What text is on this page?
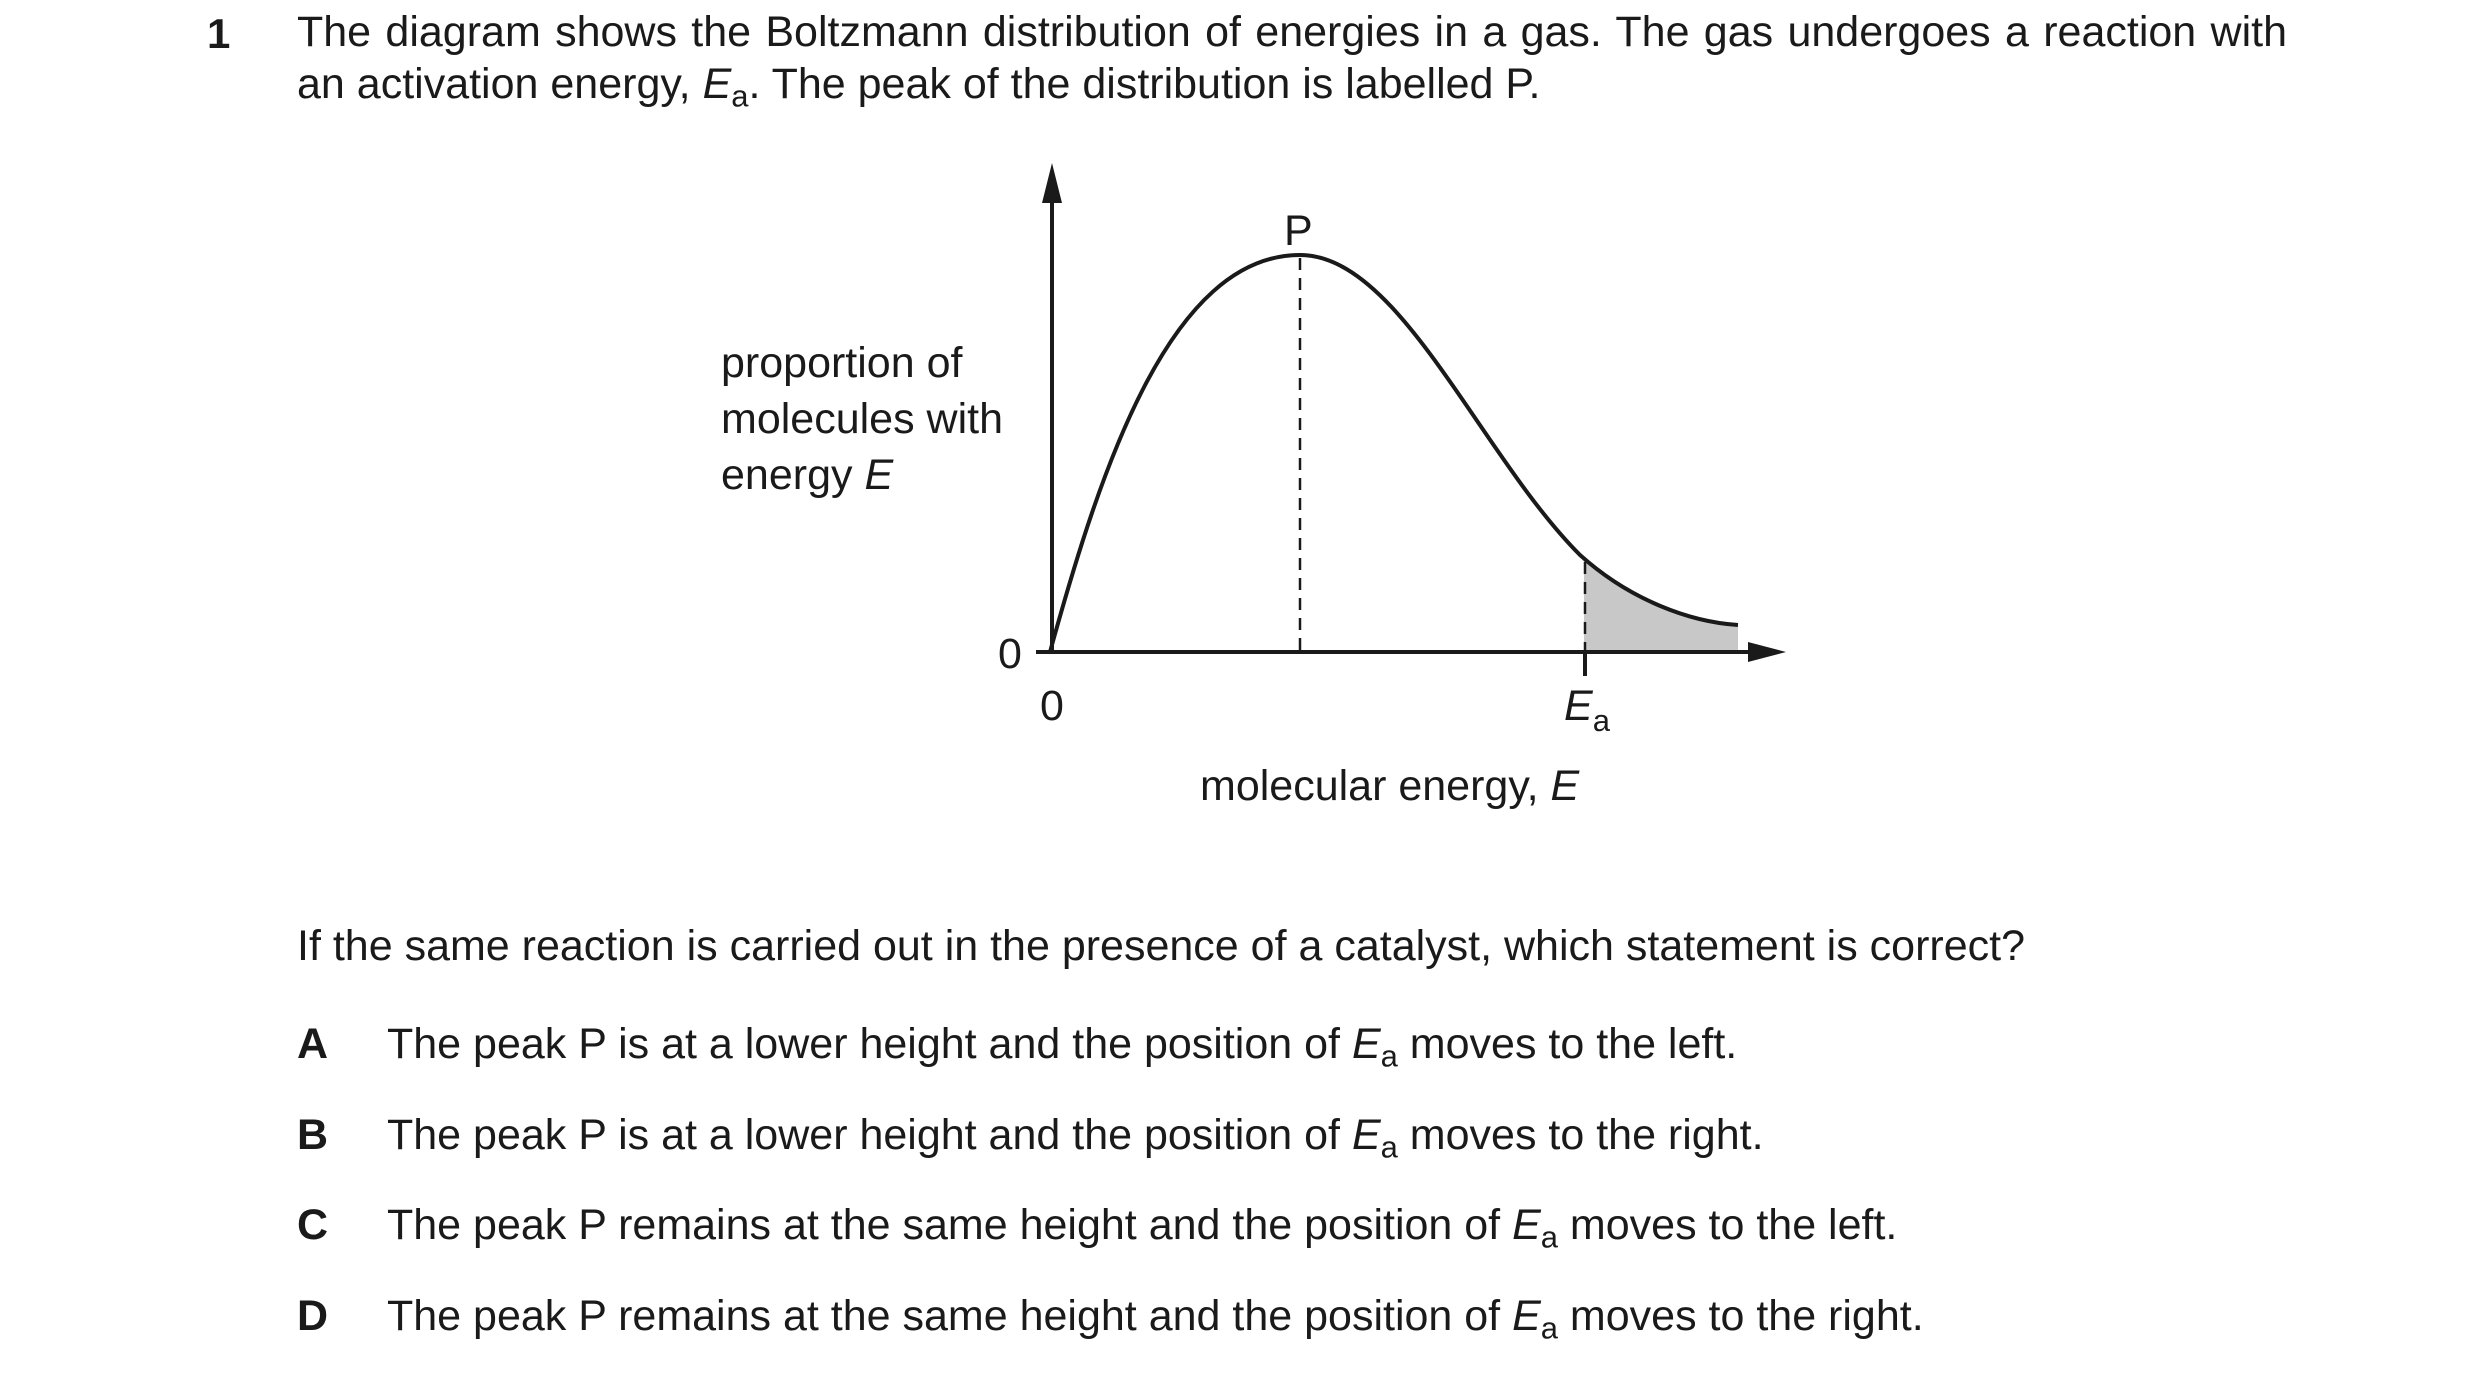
1 The diagram shows the Boltzmann distribution of energies in a gas. The gas undergoes a reaction with an activation energy, $E_a$. The peak of the distribution is labelled P.
proportion of
molecules with
energy E
0
0
P
$E_a$
molecular energy, E
If the same reaction is carried out in the presence of a catalyst, which statement is correct?
A The peak P is at a lower height and the position of $E_a$ moves to the left.
B The peak P is at a lower height and the position of $E_a$ moves to the right.
C The peak P remains at the same height and the position of $E_a$ moves to the left.
D The peak P remains at the same height and the position of $E_a$ moves to the right.
